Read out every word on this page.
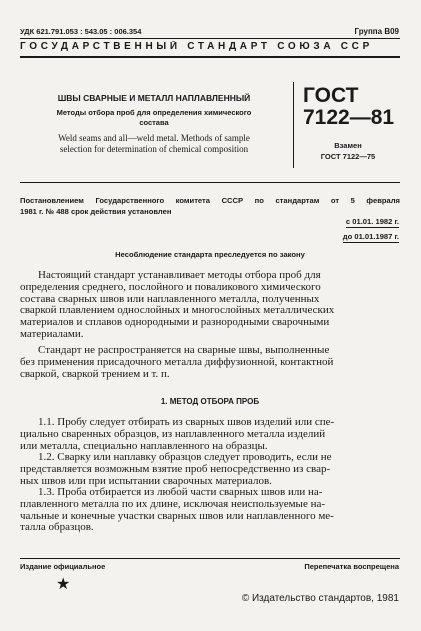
УДК 621.791.053 : 543.05 : 006.354	Группа В09
ГОСУДАРСТВЕННЫЙ СТАНДАРТ СОЮЗА ССР
ШВЫ СВАРНЫЕ И МЕТАЛЛ НАПЛАВЛЕННЫЙ
Методы отбора проб для определения химического
состава
Weld seams and all—weld metal. Methods of sample
selection for determination of chemical composition
ГОСТ
7122—81
Взамен
ГОСТ 7122—75
Постановлением Государственного комитета СССР по стандартам от 5 февраля
1981 г. № 488 срок действия установлен
с 01.01. 1982 г.
до 01.01.1987 г.
Несоблюдение стандарта преследуется по закону
Настоящий стандарт устанавливает методы отбора проб для
определения среднего, послойного и поваликового химического
состава сварных швов или наплавленного металла, полученных
сваркой плавлением однослойных и многослойных металлических
материалов и сплавов однородными и разнородными сварочными
материалами.
Стандарт не распространяется на сварные швы, выполненные
без применения присадочного металла диффузионной, контактной
сваркой, сваркой трением и т. п.
1. МЕТОД ОТБОРА ПРОБ
1.1. Пробу следует отбирать из сварных швов изделий или спе-
циально сваренных образцов, из наплавленного металла изделий
или металла, специально наплавленного на образцы.
1.2. Сварку или наплавку образцов следует проводить, если не
представляется возможным взятие проб непосредственно из свар-
ных швов или при испытании сварочных материалов.
1.3. Проба отбирается из любой части сварных швов или на-
плавленного металла по их длине, исключая неиспользуемые на-
чальные и конечные участки сварных швов или наплавленного ме-
талла образцов.
Издание официальное	Перепечатка воспрещена
★
© Издательство стандартов, 1981
